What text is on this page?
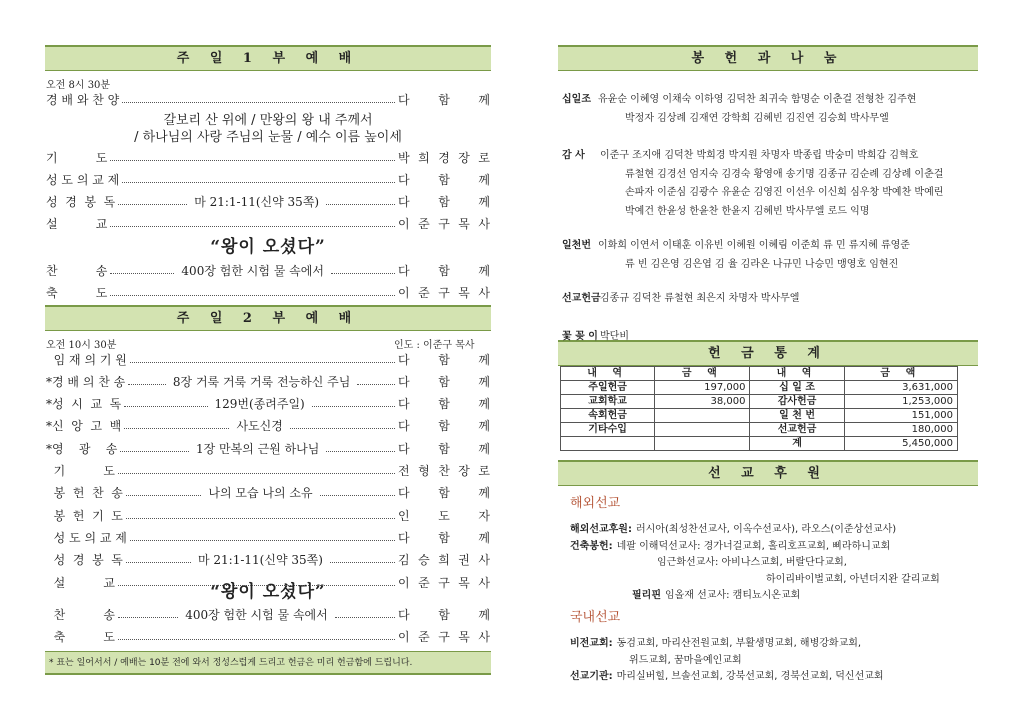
주 일 1 부 예 배
오전 8시 30분
갈보리 산 위에 / 만왕의 왕 내 주께서
/ 하나님의 사랑 주님의 눈물 / 예수 이름 높이세
“왕이 오셨다”
주 일 2 부 예 배
오전 10시 30분	인도 : 이준구 목사
“왕이 오셨다”
* 표는 일어서서 / 예배는 10분 전에 와서 정성스럽게 드리고 헌금은 미리 헌금함에 드립니다.
봉 헌 과 나 눔
헌 금 통 계
내 역	금 액	내 역	금 액
주일헌금	197,000	십 일 조	3,631,000
교회학교	38,000	감사헌금	1,253,000
속회헌금		일 천 번	151,000
기타수입		선교헌금	180,000
		계	5,450,000
선 교 후 원
해외선교
국내선교
경 배 와 찬 양	다 함 께
기          도	박 희 경 장 로
성 도 의 교 제	다 함 께
성  경  봉  독	마 21:1-11(신약 35쪽)	다 함 께
설          교	이 준 구 목 사
찬          송	400장 험한 시험 물 속에서	다 함 께
축          도	이 준 구 목 사
임 재 의 기 원	다 함 께
*경 배 의 찬 송	8장 거룩 거룩 거룩 전능하신 주님	다 함 께
*성  시  교  독	129번(종려주일)	다 함 께
*신  앙  고  백	사도신경	다 함 께
*영    광    송	1장 만복의 근원 하나님	다 함 께
기          도	전 형 찬 장 로
봉  헌  찬  송	나의 모습 나의 소유	다 함 께
봉  헌  기  도	인 도 자
성 도 의 교 제	다 함 께
성  경  봉  독	마 21:1-11(신약 35쪽)	김 승 희 권 사
설          교	이 준 구 목 사
찬          송	400장 험한 시험 물 속에서	다 함 께
축          도	이 준 구 목 사
십일조 유윤순 이혜영 이채숙 이하영 김덕찬 최귀숙 함명순 이춘걸 전형찬 김주현
박정자 김상례 김재연 강학희 김혜빈 김진연 김승희 박사무엘
감 사 이준구 조지애 김덕찬 박희경 박지원 차명자 박종립 박숭미 박희갑 김혁호
류철현 김경선 엄지숙 김경숙 황영애 송기명 김종규 김순례 김상례 이춘걸
손파자 이준심 김광수 유윤순 김영진 이선우 이신희 심우창 박예찬 박예린
박예건 한윤성 한윤찬 한윤지 김혜빈 박사무엘 로드 익명
일천번 이화희 이연서 이태훈 이유빈 이혜원 이혜림 이준희 류 민 류지혜 류영준
류 빈 김은영 김은엽 김 율 김라온 나규민 나승민 맹영호 임현진
선교헌금 김종규 김덕찬 류철현 최은지 차명자 박사무엘
꽃 꽂 이 박단비
해외선교후원: 러시아(최성찬선교사, 이옥수선교사), 라오스(이준상선교사)
건축봉헌: 네팔 이해덕선교사: 경가너걸교회, 홀리호프교회, 삐라하니교회
임근화선교사: 아비나스교회, 버랄단다교회,
하이리바이벌교회, 아년더지완 갈리교회
필리핀 임올재 선교사: 캠티뇨시온교회
비전교회: 동검교회, 마리산전원교회, 부활생명교회, 해병강화교회,
위드교회, 꿈마을예인교회
선교기관: 마리실버힐, 브솔선교회, 강북선교회, 경북선교회, 덕신선교회
